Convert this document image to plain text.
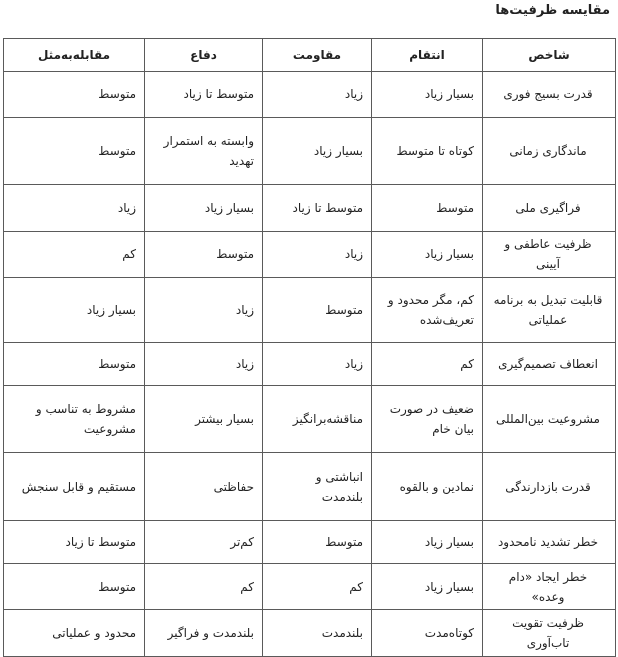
مقایسه ظرفیت‌ها
شاخص	انتقام	مقاومت	دفاع	مقابله‌به‌مثل
قدرت بسیج فوری	بسیار زیاد	زیاد	متوسط تا زیاد	متوسط
ماندگاری زمانی	کوتاه تا متوسط	بسیار زیاد	وابسته به استمرار تهدید	متوسط
فراگیری ملی	متوسط	متوسط تا زیاد	بسیار زیاد	زیاد
ظرفیت عاطفی و آیینی	بسیار زیاد	زیاد	متوسط	کم
قابلیت تبدیل به برنامه عملیاتی	کم، مگر محدود و تعریف‌شده	متوسط	زیاد	بسیار زیاد
انعطاف تصمیم‌گیری	کم	زیاد	زیاد	متوسط
مشروعیت بین‌المللی	ضعیف در صورت بیان خام	مناقشه‌برانگیز	بسیار بیشتر	مشروط به تناسب و مشروعیت
قدرت بازدارندگی	نمادین و بالقوه	انباشتی و بلندمدت	حفاظتی	مستقیم و قابل سنجش
خطر تشدید نامحدود	بسیار زیاد	متوسط	کم‌تر	متوسط تا زیاد
خطر ایجاد «دام وعده»	بسیار زیاد	کم	کم	متوسط
ظرفیت تقویت تاب‌آوری	کوتاه‌مدت	بلندمدت	بلندمدت و فراگیر	محدود و عملیاتی
